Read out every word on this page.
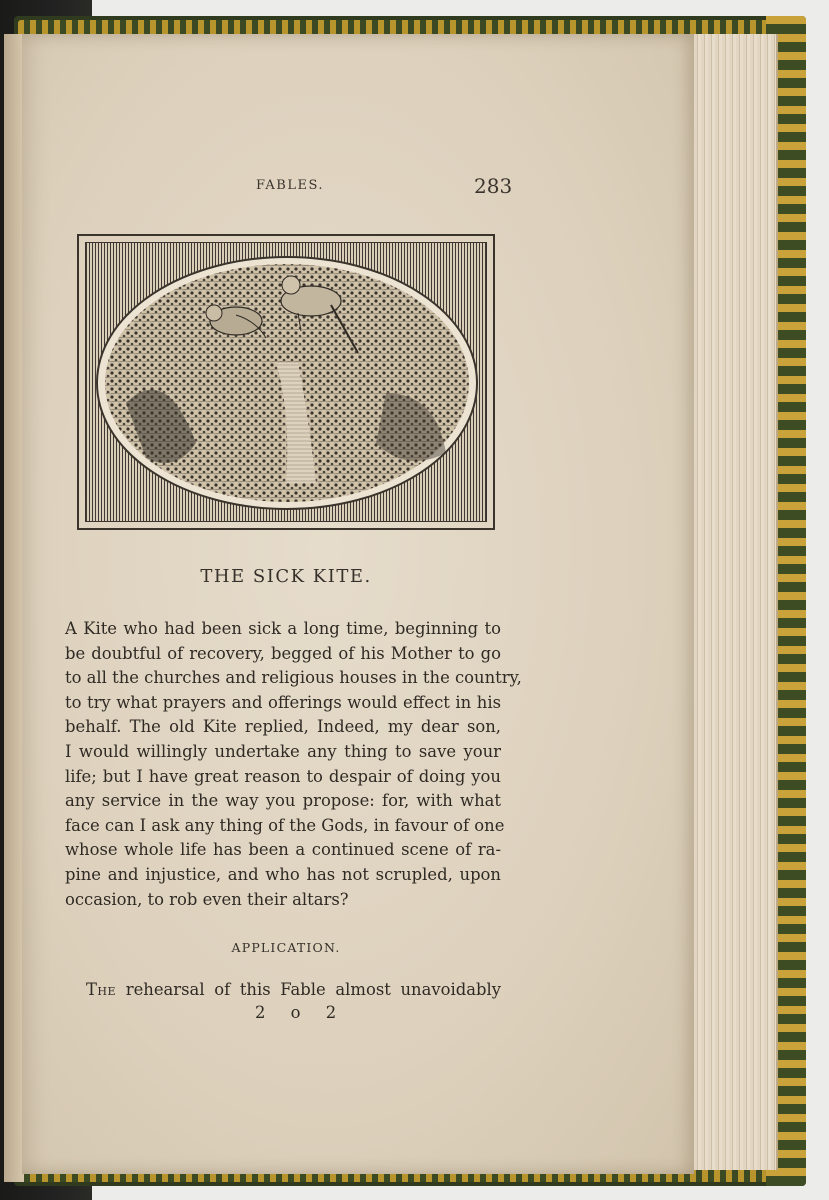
FABLES.	283
THE SICK KITE.
A Kite who had been sick a long time, beginning to
be doubtful of recovery, begged of his Mother to go
to all the churches and religious houses in the country,
to try what prayers and offerings would effect in his
behalf. The old Kite replied, Indeed, my dear son,
I would willingly undertake any thing to save your
life; but I have great reason to despair of doing you
any service in the way you propose: for, with what
face can I ask any thing of the Gods, in favour of one
whose whole life has been a continued scene of ra-
pine and injustice, and who has not scrupled, upon
occasion, to rob even their altars?
APPLICATION.
The rehearsal of this Fable almost unavoidably
2 o 2
